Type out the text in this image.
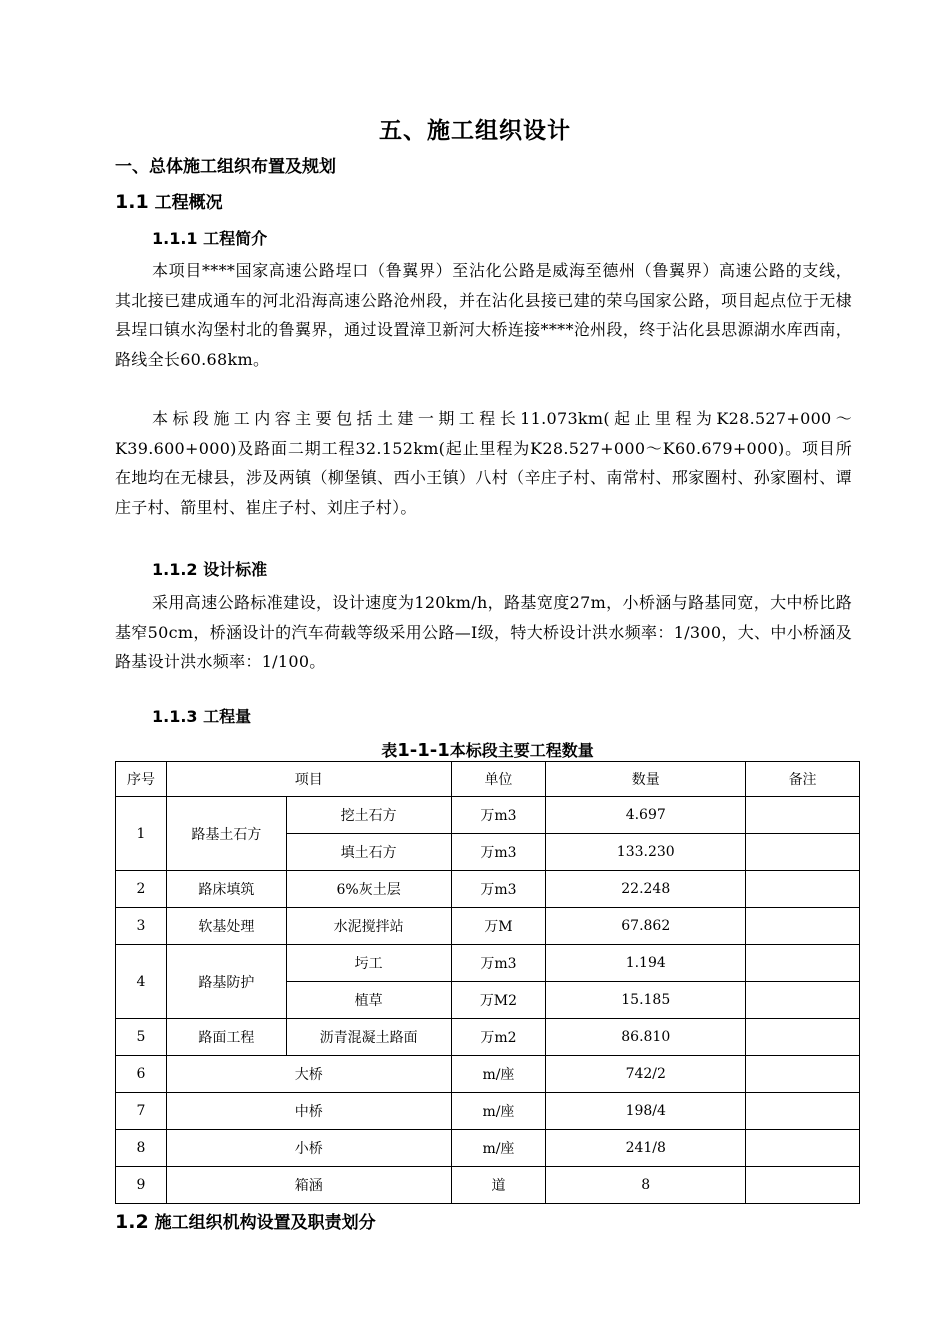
五、施工组织设计
一、总体施工组织布置及规划
1.1 工程概况
1.1.1 工程简介
本项目****国家高速公路埕口（鲁翼界）至沾化公路是威海至德州（鲁翼界）高速公路的支线，其北接已建成通车的河北沿海高速公路沧州段，并在沾化县接已建的荣乌国家公路，项目起点位于无棣县埕口镇水沟堡村北的鲁翼界，通过设置漳卫新河大桥连接****沧州段，终于沾化县思源湖水库西南，路线全长60.68km。
本标段施工内容主要包括土建一期工程长11.073km(起止里程为K28.527+000～K39.600+000)及路面二期工程32.152km(起止里程为K28.527+000～K60.679+000)。项目所在地均在无棣县，涉及两镇（柳堡镇、西小王镇）八村（辛庄子村、南常村、邢家圈村、孙家圈村、谭庄子村、箭里村、崔庄子村、刘庄子村）。
1.1.2 设计标准
采用高速公路标准建设，设计速度为120km/h，路基宽度27m，小桥涵与路基同宽，大中桥比路基窄50cm，桥涵设计的汽车荷载等级采用公路—I级，特大桥设计洪水频率：1/300，大、中小桥涵及路基设计洪水频率：1/100。
1.1.3 工程量
表1-1-1本标段主要工程数量
序号	项目		单位	数量	备注
1	路基土石方	挖土石方	万m3	4.697	
		填土石方	万m3	133.230	
2	路床填筑	6%灰土层	万m3	22.248	
3	软基处理	水泥搅拌站	万M	67.862	
4	路基防护	圬工	万m3	1.194	
		植草	万M2	15.185	
5	路面工程	沥青混凝土路面	万m2	86.810	
6	大桥		m/座	742/2	
7	中桥		m/座	198/4	
8	小桥		m/座	241/8	
9	箱涵		道	8	
1.2 施工组织机构设置及职责划分
